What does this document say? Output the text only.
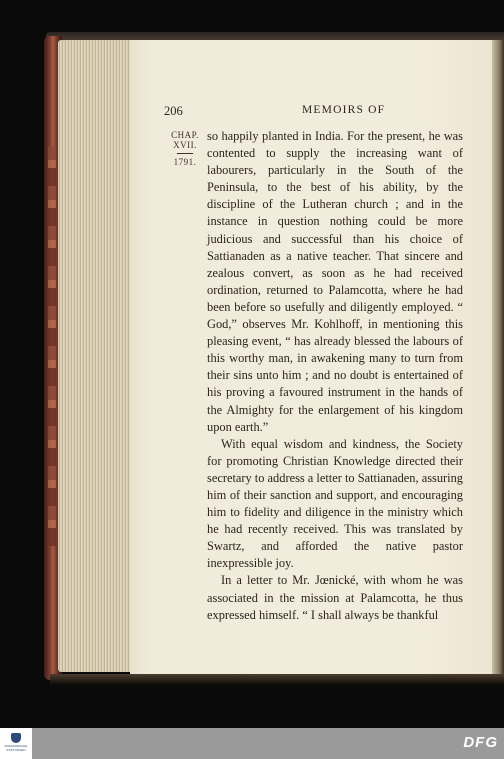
206	MEMOIRS OF
CHAP.
XVII.
1791.

so happily planted in India. For the present, he was contented to supply the increasing want of labourers, particularly in the South of the Peninsula, to the best of his ability, by the discipline of the Lutheran church ; and in the instance in question nothing could be more judicious and successful than his choice of Sattianaden as a native teacher. That sincere and zealous convert, as soon as he had received ordination, returned to Palamcotta, where he had been before so usefully and diligently employed. “ God,” observes Mr. Kohlhoff, in mentioning this pleasing event, “ has already blessed the labours of this worthy man, in awakening many to turn from their sins unto him ; and no doubt is entertained of his proving a favoured instrument in the hands of the Almighty for the enlargement of his kingdom upon earth.”

With equal wisdom and kindness, the Society for promoting Christian Knowledge directed their secretary to address a letter to Sattianaden, assuring him of their sanction and support, and encouraging him to fidelity and diligence in the ministry which he had recently received. This was translated by Swartz, and afforded the native pastor inexpressible joy.

In a letter to Mr. Jœnické, with whom he was associated in the mission at Palamcotta, he thus expressed himself. “ I shall always be thankful

FRANCKESCHE STIFTUNGEN	DFG
